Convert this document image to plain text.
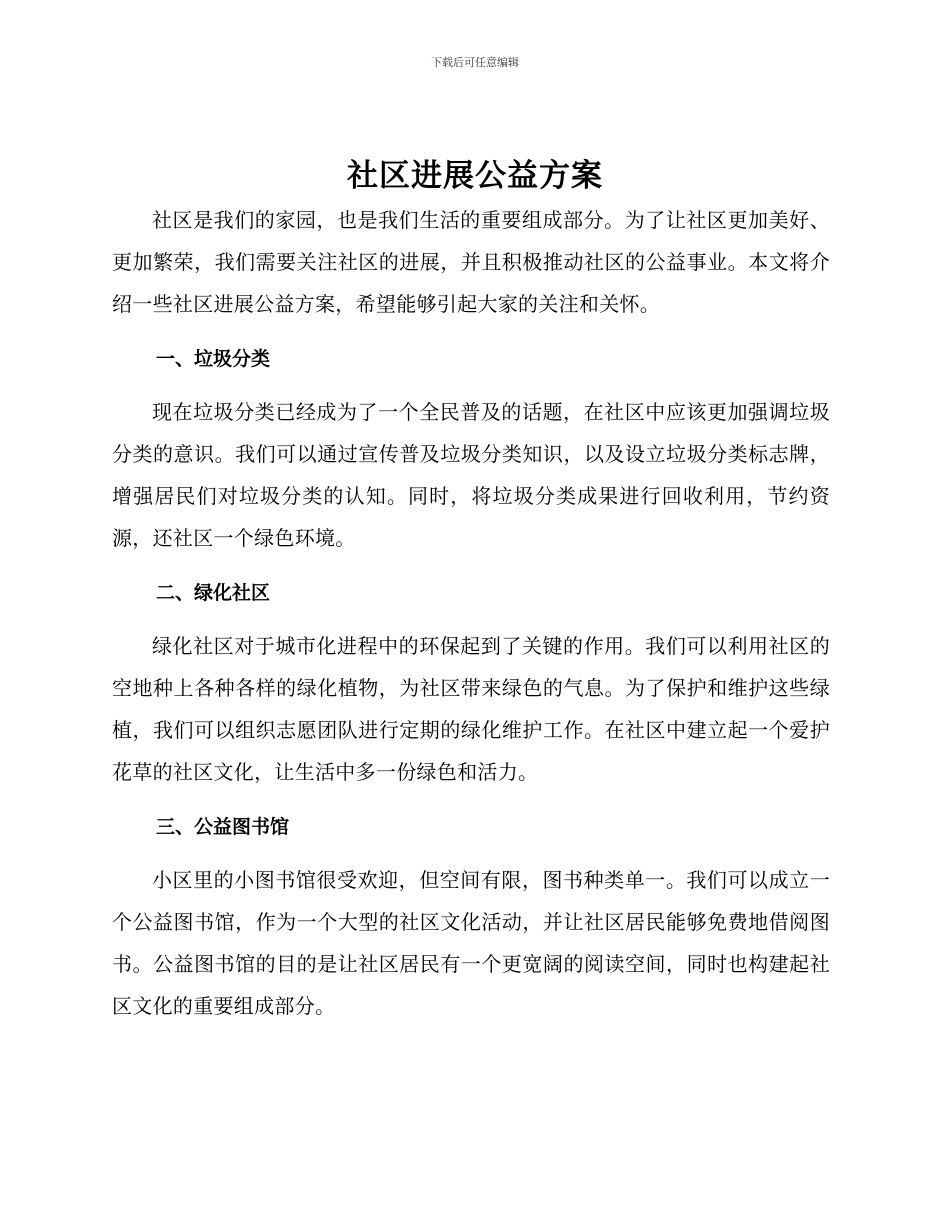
下载后可任意编辑
社区进展公益方案

社区是我们的家园，也是我们生活的重要组成部分。为了让社区更加美好、更加繁荣，我们需要关注社区的进展，并且积极推动社区的公益事业。本文将介绍一些社区进展公益方案，希望能够引起大家的关注和关怀。

一、垃圾分类

现在垃圾分类已经成为了一个全民普及的话题，在社区中应该更加强调垃圾分类的意识。我们可以通过宣传普及垃圾分类知识，以及设立垃圾分类标志牌，增强居民们对垃圾分类的认知。同时，将垃圾分类成果进行回收利用，节约资源，还社区一个绿色环境。

二、绿化社区

绿化社区对于城市化进程中的环保起到了关键的作用。我们可以利用社区的空地种上各种各样的绿化植物，为社区带来绿色的气息。为了保护和维护这些绿植，我们可以组织志愿团队进行定期的绿化维护工作。在社区中建立起一个爱护花草的社区文化，让生活中多一份绿色和活力。

三、公益图书馆

小区里的小图书馆很受欢迎，但空间有限，图书种类单一。我们可以成立一个公益图书馆，作为一个大型的社区文化活动，并让社区居民能够免费地借阅图书。公益图书馆的目的是让社区居民有一个更宽阔的阅读空间，同时也构建起社区文化的重要组成部分。
